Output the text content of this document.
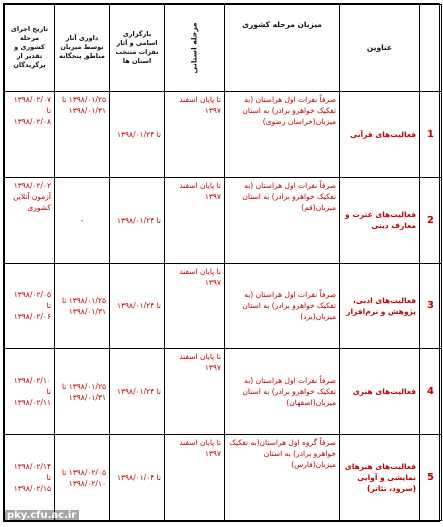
	عناوین	میزبان مرحله کشوری	مرحله استانی	بارگزاری اسامی و آثار نفرات منتخب استان ها	داوری آثار توسط میزبان مناطق پنجگانه	تاریخ اجرای مرحله کشوری و تقدیر از برگزیدگان
1	فعالیت‌های قرآنی	صرفاً نفرات اول هراستان (به تفکیک خواهرو برادر) به استان میزبان(خراسان رضوی)	تا پایان اسفند ۱۳۹۷	تا ۱۳۹۸/۰۱/۲۴	۱۳۹۸/۰۱/۲۵ تا ۱۳۹۸/۰۱/۳۱	۱۳۹۸/۰۲/۰۷ تا ۱۳۹۸/۰۲/۰۸
2	فعالیت‌های عترت و معارف دینی	صرفاً نفرات اول هراستان (به تفکیک خواهرو برادر) به استان میزبان(قم)	تا پایان اسفند ۱۳۹۷	تا ۱۳۹۸/۰۱/۲۴	-	۱۳۹۸/۰۲/۰۲ آزمون آنلاین کشوری
3	فعالیت‌های ادبی، پژوهش و نرم‌افزار	صرفاً نفرات اول هراستان (به تفکیک خواهرو برادر) به استان میزبان(یزد)	تا پایان اسفند ۱۳۹۷	تا ۱۳۹۸/۰۱/۲۴	۱۳۹۸/۰۱/۲۵ تا ۱۳۹۸/۰۱/۳۱	۱۳۹۸/۰۲/۰۵ تا ۱۳۹۸/۰۲/۰۶
4	فعالیت‌های هنری	صرفاً نفرات اول هراستان (به تفکیک خواهرو برادر) به استان میزبان(اصفهان)	تا پایان اسفند ۱۳۹۷	تا ۱۳۹۸/۰۱/۲۴	۱۳۹۸/۰۱/۲۵ تا ۱۳۹۸/۰۱/۳۱	۱۳۹۸/۰۲/۱۰ تا ۱۳۹۸/۰۲/۱۱
5	فعالیت‌های هنرهای نمایشی و آوایی (سرود، تئاتر)	صرفاً گروه اول هراستان(به تفکیک خواهرو برادر) به استان میزبان(فارس)	تا پایان اسفند ۱۳۹۷	تا ۱۳۹۸/۰۱/۰۴	۱۳۹۸/۰۲/۰۵ تا ۱۳۹۸/۰۲/۱۰	۱۳۹۸/۰۲/۱۴ تا ۱۳۹۸/۰۲/۱۵
pky.cfu.ac.ir
